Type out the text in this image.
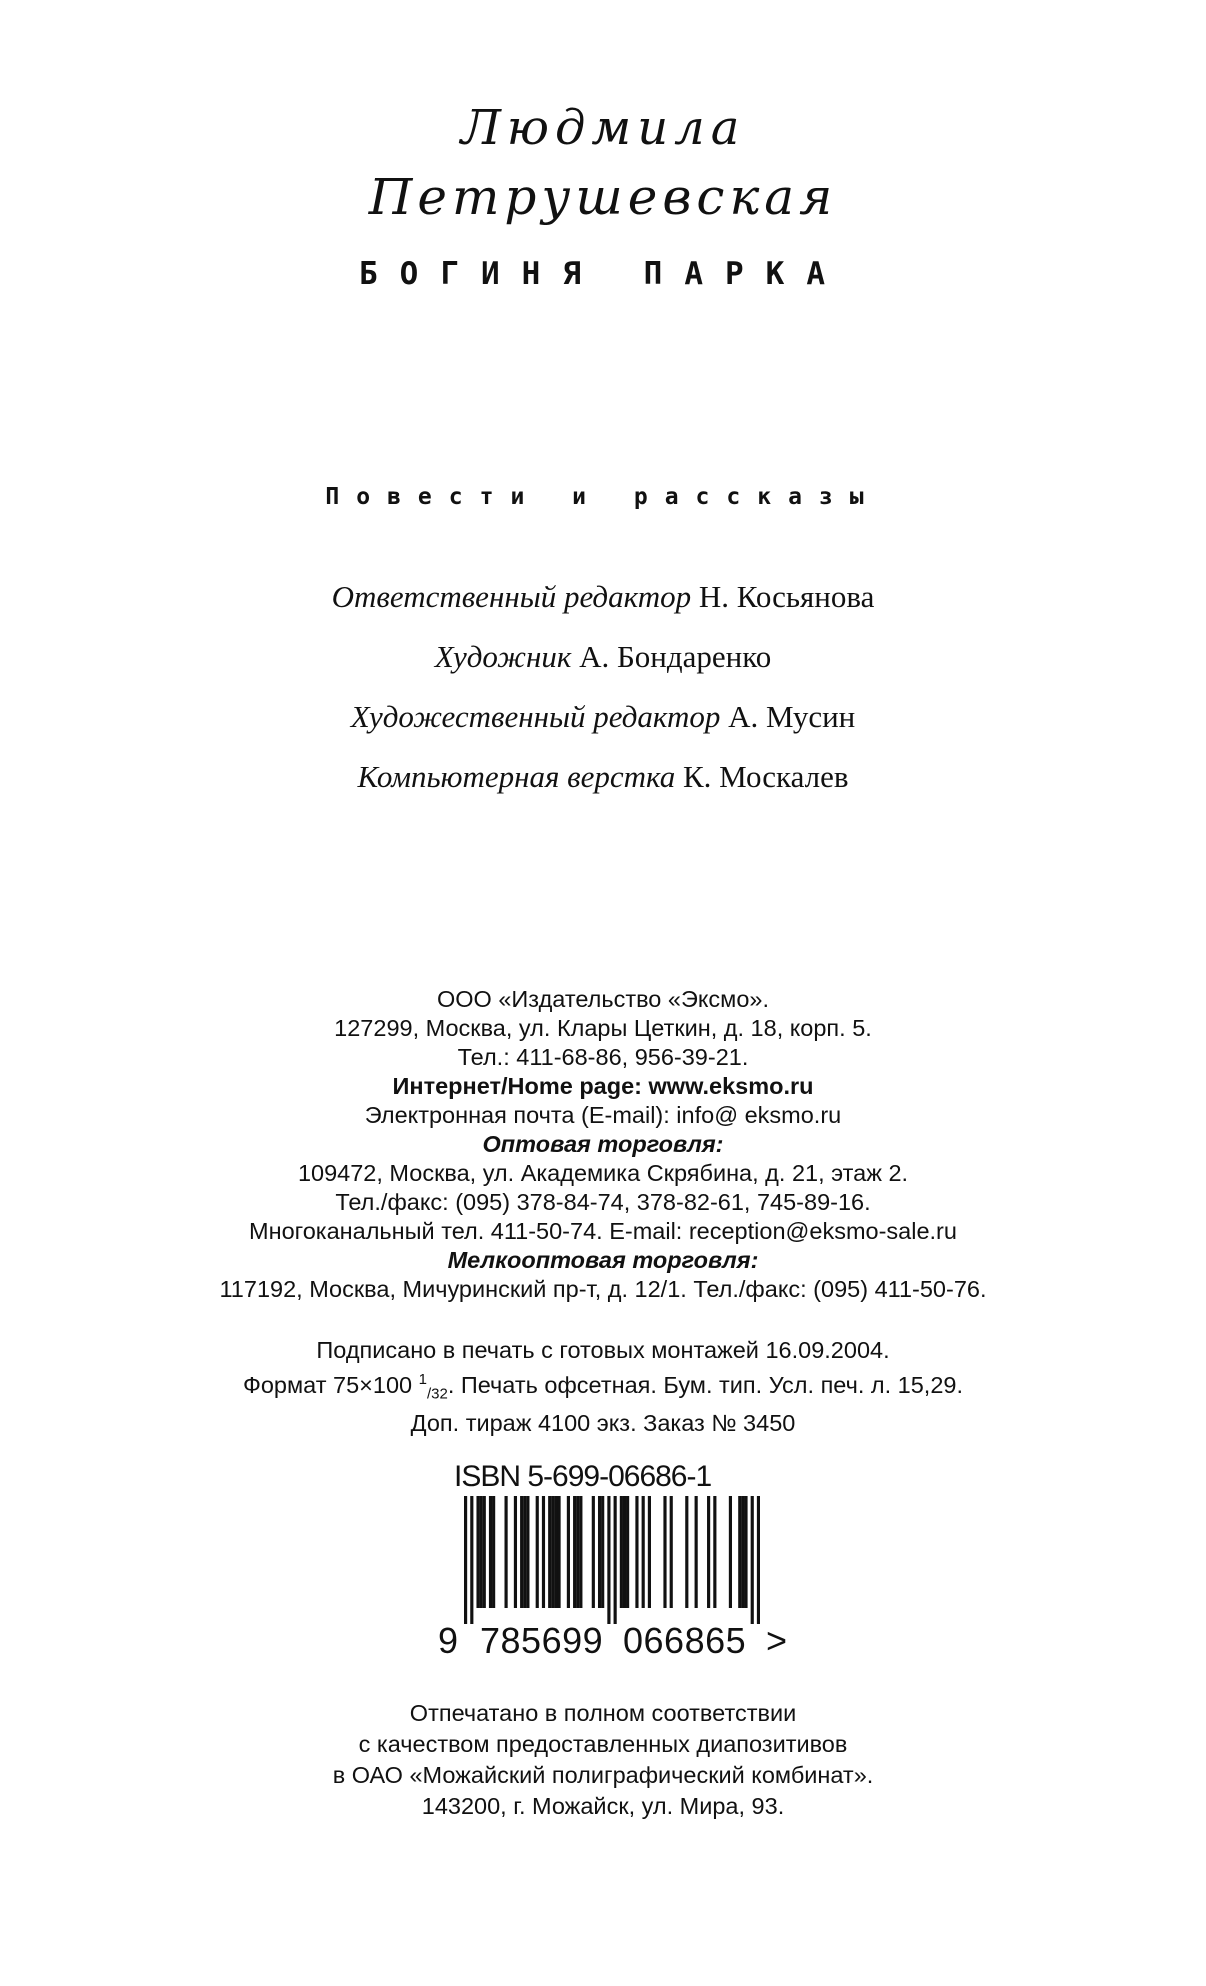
Людмила
Петрушевская
БОГИНЯ ПАРКА
Повести и рассказы
Ответственный редактор Н. Косьянова
Художник А. Бондаренко
Художественный редактор А. Мусин
Компьютерная верстка К. Москалев
ООО «Издательство «Эксмо».
127299, Москва, ул. Клары Цеткин, д. 18, корп. 5.
Тел.: 411-68-86, 956-39-21.
Интернет/Home page: www.eksmo.ru
Электронная почта (E-mail): info@ eksmo.ru
Оптовая торговля:
109472, Москва, ул. Академика Скрябина, д. 21, этаж 2.
Тел./факс: (095) 378-84-74, 378-82-61, 745-89-16.
Многоканальный тел. 411-50-74. E-mail: reception@eksmo-sale.ru
Мелкооптовая торговля:
117192, Москва, Мичуринский пр-т, д. 12/1. Тел./факс: (095) 411-50-76.
Подписано в печать с готовых монтажей 16.09.2004.
Формат 75×100 $^1_{/32}$. Печать офсетная. Бум. тип. Усл. печ. л. 15,29.
Доп. тираж 4100 экз. Заказ № 3450
ISBN 5-699-06686-1
9 785699 066865 >
Отпечатано в полном соответствии
с качеством предоставленных диапозитивов
в ОАО «Можайский полиграфический комбинат».
143200, г. Можайск, ул. Мира, 93.
